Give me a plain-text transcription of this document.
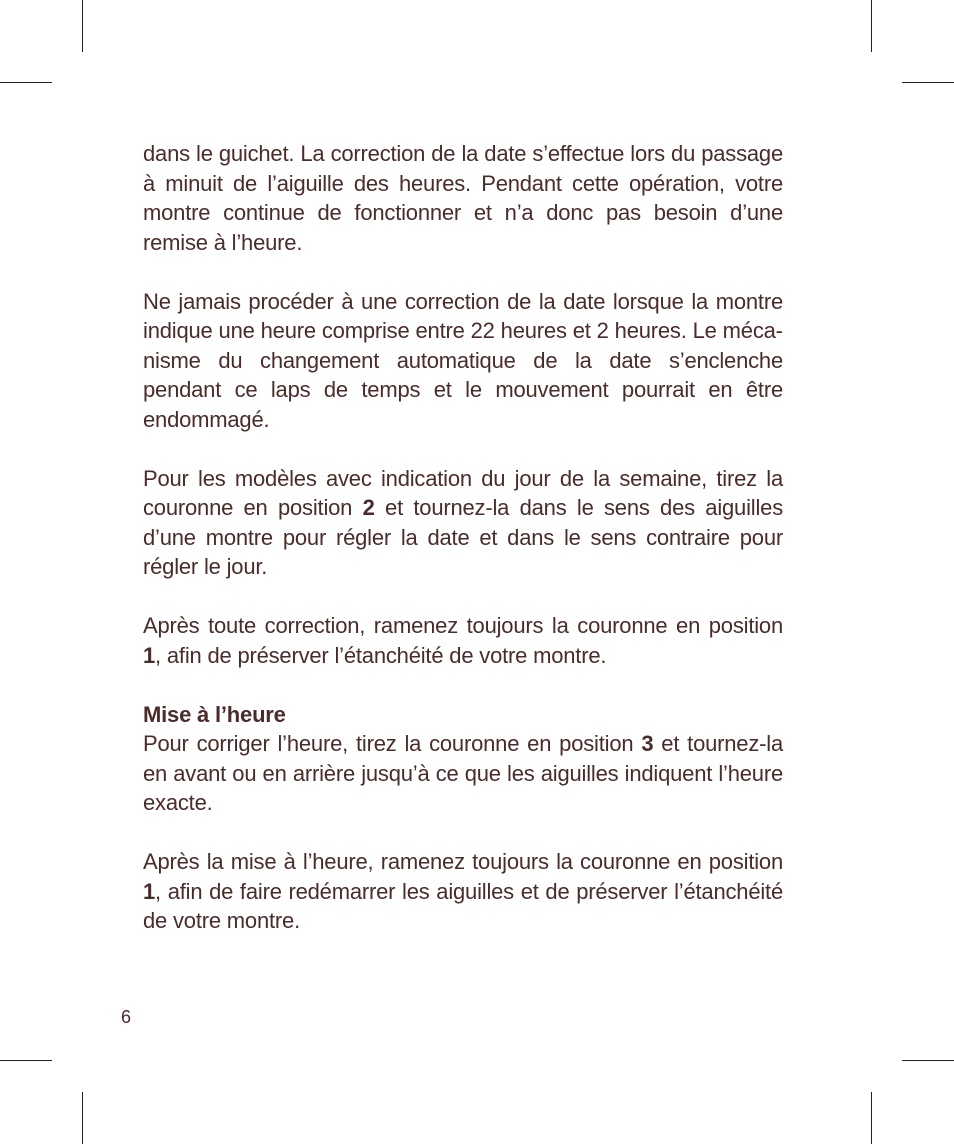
dans le guichet. La correction de la date s’effectue lors du passage à minuit de l’aiguille des heures. Pendant cette opération, votre montre continue de fonctionner et n’a donc pas besoin d’une remise à l’heure.

Ne jamais procéder à une correction de la date lorsque la montre indique une heure comprise entre 22 heures et 2 heures. Le mécanisme du changement automatique de la date s’enclenche pendant ce laps de temps et le mouvement pourrait en être endommagé.

Pour les modèles avec indication du jour de la semaine, tirez la couronne en position 2 et tournez-la dans le sens des aiguilles d’une montre pour régler la date et dans le sens contraire pour régler le jour.

Après toute correction, ramenez toujours la couronne en position 1, afin de préserver l’étanchéité de votre montre.

Mise à l’heure

Pour corriger l’heure, tirez la couronne en position 3 et tournez-la en avant ou en arrière jusqu’à ce que les aiguilles indiquent l’heure exacte.

Après la mise à l’heure, ramenez toujours la couronne en position 1, afin de faire redémarrer les aiguilles et de préserver l’étanchéité de votre montre.

6
